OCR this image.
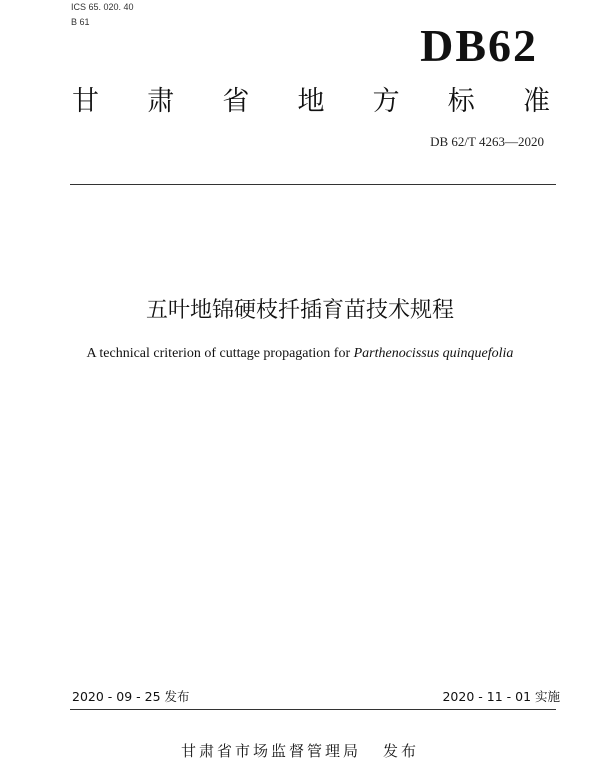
ICS 65. 020. 40
B 61	DB62
甘 肃 省 地 方 标 准
DB 62/T 4263—2020
五叶地锦硬枝扦插育苗技术规程
A technical criterion of cuttage propagation for Parthenocissus quinquefolia
2020 - 09 - 25 发布	2020 - 11 - 01 实施
甘肃省市场监督管理局 发布
